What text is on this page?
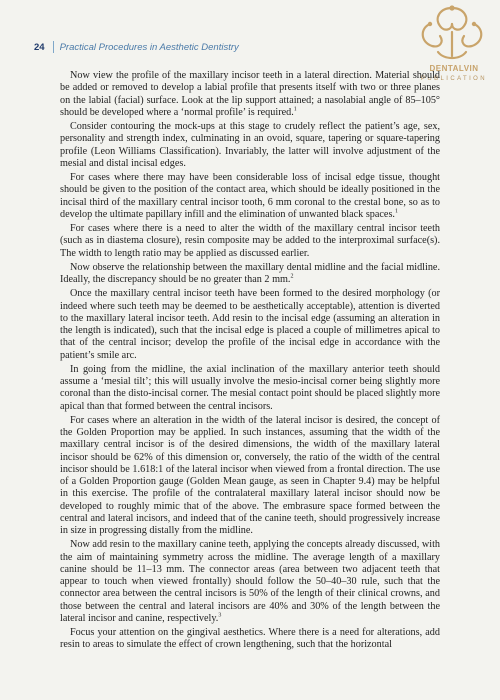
24 Practical Procedures in Aesthetic Dentistry
DENTALVIN
PUBLICATION

Now view the profile of the maxillary incisor teeth in a lateral direction. Material should be added or removed to develop a labial profile that presents itself with two or three planes on the labial (facial) surface. Look at the lip support attained; a nasolabial angle of 85–105° should be developed where a ‘normal profile’ is required.$^1$

Consider contouring the mock-ups at this stage to crudely reflect the patient’s age, sex, personality and strength index, culminating in an ovoid, square, tapering or square-tapering profile (Leon Williams Classification). Invariably, the latter will involve adjustment of the mesial and distal incisal edges.

For cases where there may have been considerable loss of incisal edge tissue, thought should be given to the position of the contact area, which should be ideally positioned in the incisal third of the maxillary central incisor tooth, 6 mm coronal to the crestal bone, so as to develop the ultimate papillary infill and the elimination of unwanted black spaces.$^1$

For cases where there is a need to alter the width of the maxillary central incisor teeth (such as in diastema closure), resin composite may be added to the interproximal surface(s). The width to length ratio may be applied as discussed earlier.

Now observe the relationship between the maxillary dental midline and the facial midline. Ideally, the discrepancy should be no greater than 2 mm.$^2$

Once the maxillary central incisor teeth have been formed to the desired morphology (or indeed where such teeth may be deemed to be aesthetically acceptable), attention is diverted to the maxillary lateral incisor teeth. Add resin to the incisal edge (assuming an alteration in the length is indicated), such that the incisal edge is placed a couple of millimetres apical to that of the central incisor; develop the profile of the incisal edge in accordance with the patient’s smile arc.

In going from the midline, the axial inclination of the maxillary anterior teeth should assume a ‘mesial tilt’; this will usually involve the mesio-incisal corner being slightly more coronal than the disto-incisal corner. The mesial contact point should be placed slightly more apical than that formed between the central incisors.

For cases where an alteration in the width of the lateral incisor is desired, the concept of the Golden Proportion may be applied. In such instances, assuming that the width of the maxillary central incisor is of the desired dimensions, the width of the maxillary lateral incisor should be 62% of this dimension or, conversely, the ratio of the width of the central incisor should be 1.618:1 of the lateral incisor when viewed from a frontal direction. The use of a Golden Proportion gauge (Golden Mean gauge, as seen in Chapter 9.4) may be helpful in this exercise. The profile of the contralateral maxillary lateral incisor should now be developed to roughly mimic that of the above. The embrasure space formed between the central and lateral incisors, and indeed that of the canine teeth, should progressively increase in size in progressing distally from the midline.

Now add resin to the maxillary canine teeth, applying the concepts already discussed, with the aim of maintaining symmetry across the midline. The average length of a maxillary canine should be 11–13 mm. The connector areas (area between two adjacent teeth that appear to touch when viewed frontally) should follow the 50–40–30 rule, such that the connector area between the central incisors is 50% of the length of their clinical crowns, and those between the central and lateral incisors are 40% and 30% of the length between the lateral incisor and canine, respectively.$^3$

Focus your attention on the gingival aesthetics. Where there is a need for alterations, add resin to areas to simulate the effect of crown lengthening, such that the horizontal
